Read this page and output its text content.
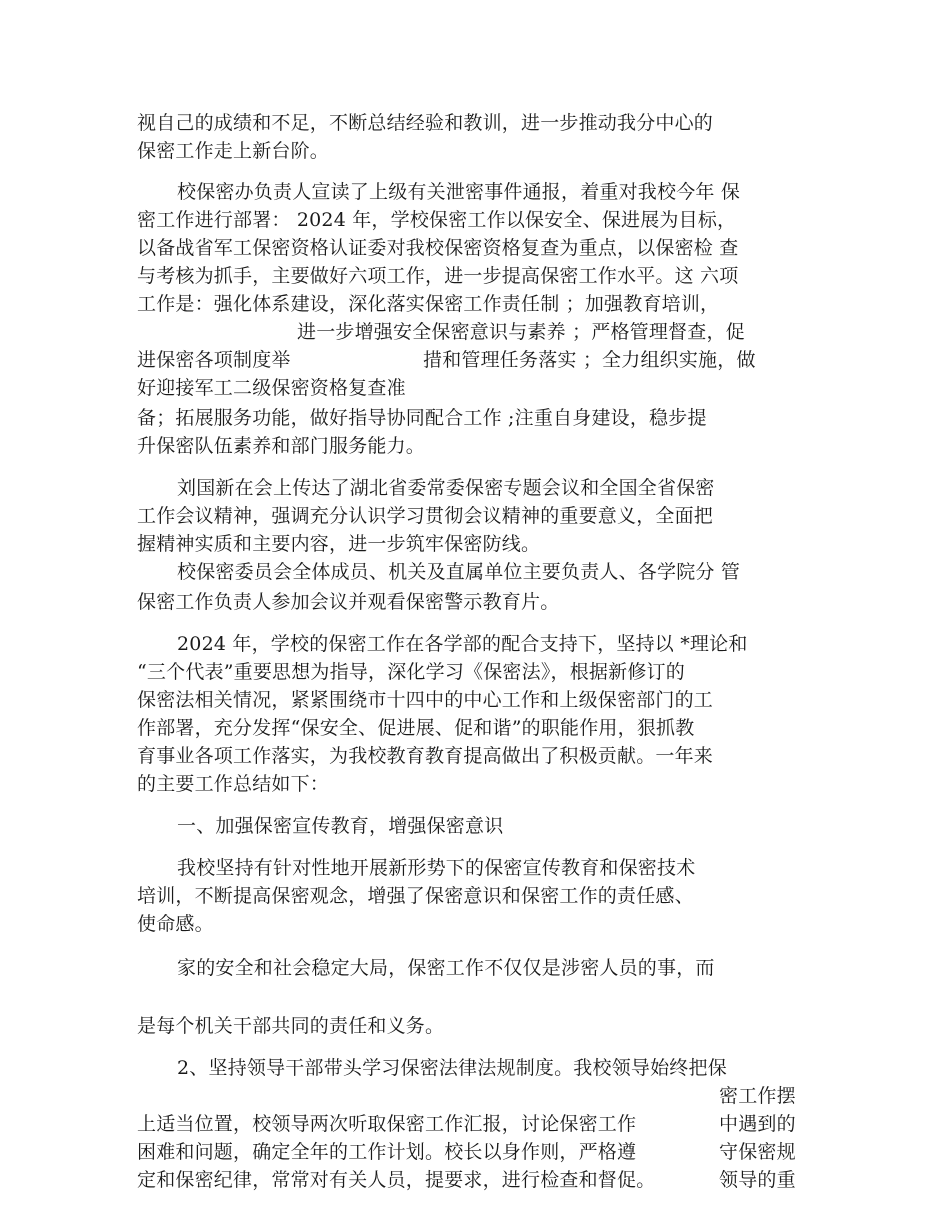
视自己的成绩和不足，不断总结经验和教训，进一步推动我分中心的
保密工作走上新台阶。
校保密办负责人宣读了上级有关泄密事件通报，着重对我校今年 保
密工作进行部署： 2024 年，学校保密工作以保安全、保进展为目标，
以备战省军工保密资格认证委对我校保密资格复查为重点，以保密检 查
与考核为抓手，主要做好六项工作，进一步提高保密工作水平。这 六项
工作是：强化体系建设，深化落实保密工作责任制 ；加强教育培训，
进一步增强安全保密意识与素养 ；严格管理督查，促
进保密各项制度举	措和管理任务落实 ；全力组织实施，做
好迎接军工二级保密资格复查准
备；拓展服务功能，做好指导协同配合工作 ;注重自身建设，稳步提
升保密队伍素养和部门服务能力。
刘国新在会上传达了湖北省委常委保密专题会议和全国全省保密
工作会议精神，强调充分认识学习贯彻会议精神的重要意义，全面把
握精神实质和主要内容，进一步筑牢保密防线。
校保密委员会全体成员、机关及直属单位主要负责人、各学院分 管
保密工作负责人参加会议并观看保密警示教育片。
2024 年，学校的保密工作在各学部的配合支持下，坚持以 *理论和
“三个代表”重要思想为指导，深化学习《保密法》，根据新修订的
保密法相关情况，紧紧围绕市十四中的中心工作和上级保密部门的工
作部署，充分发挥“保安全、促进展、促和谐”的职能作用，狠抓教
育事业各项工作落实，为我校教育教育提高做出了积极贡献。一年来
的主要工作总结如下：
一、加强保密宣传教育，增强保密意识
我校坚持有针对性地开展新形势下的保密宣传教育和保密技术
培训，不断提高保密观念，增强了保密意识和保密工作的责任感、
使命感。
家的安全和社会稳定大局，保密工作不仅仅是涉密人员的事，而
是每个机关干部共同的责任和义务。
2、坚持领导干部带头学习保密法律法规制度。我校领导始终把保
密工作摆
上适当位置，校领导两次听取保密工作汇报，讨论保密工作	中遇到的
困难和问题，确定全年的工作计划。校长以身作则，严格遵	守保密规
定和保密纪律，常常对有关人员，提要求，进行检查和督促。	领导的重
